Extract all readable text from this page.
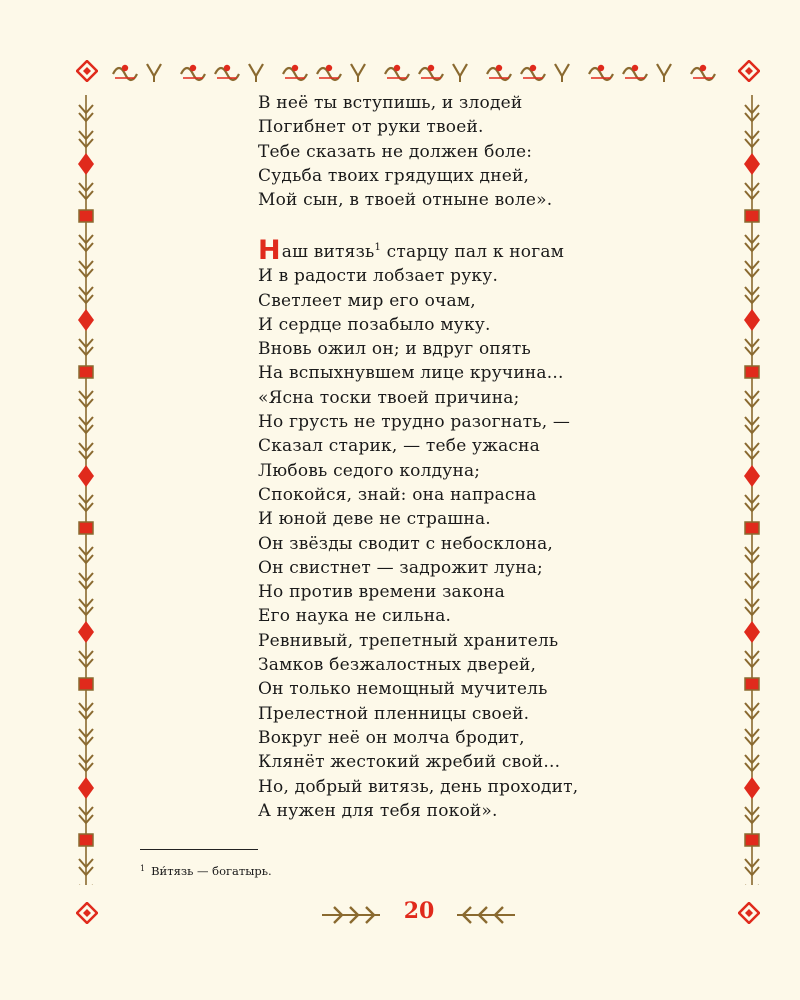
В неё ты вступишь, и злодей
Погибнет от руки твоей.
Тебе сказать не должен боле:
Судьба твоих грядущих дней,
Мой сын, в твоей отныне воле».
Наш витязь$^1$ старцу пал к ногам
И в радости лобзает руку.
Светлеет мир его очам,
И сердце позабыло муку.
Вновь ожил он; и вдруг опять
На вспыхнувшем лице кручина...
«Ясна тоски твоей причина;
Но грусть не трудно разогнать, —
Сказал старик, — тебе ужасна
Любовь седого колдуна;
Спокойся, знай: она напрасна
И юной деве не страшна.
Он звёзды сводит с небосклона,
Он свистнет — задрожит луна;
Но против времени закона
Его наука не сильна.
Ревнивый, трепетный хранитель
Замков безжалостных дверей,
Он только немощный мучитель
Прелестной пленницы своей.
Вокруг неё он молча бродит,
Клянёт жестокий жребий свой...
Но, добрый витязь, день проходит,
А нужен для тебя покой».
$^1$ Ви́тязь — богатырь.
20
